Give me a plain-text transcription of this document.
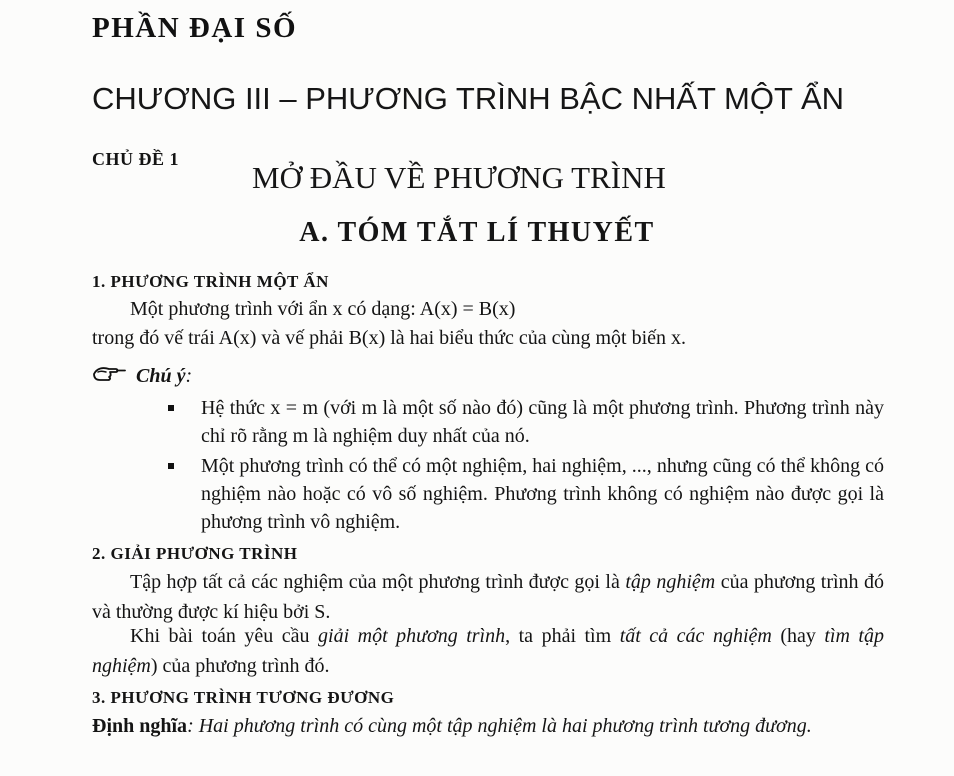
PHẦN ĐẠI SỐ
CHƯƠNG III – PHƯƠNG TRÌNH BẬC NHẤT MỘT ẨN
CHỦ ĐỀ 1
MỞ ĐẦU VỀ PHƯƠNG TRÌNH
A. TÓM TẮT LÍ THUYẾT
1. PHƯƠNG TRÌNH MỘT ẨN
Một phương trình với ẩn x có dạng: A(x) = B(x)
trong đó vế trái A(x) và vế phải B(x) là hai biểu thức của cùng một biến x.
Chú ý:
Hệ thức x = m (với m là một số nào đó) cũng là một phương trình. Phương trình này chỉ rõ rằng m là nghiệm duy nhất của nó.
Một phương trình có thể có một nghiệm, hai nghiệm, ..., nhưng cũng có thể không có nghiệm nào hoặc có vô số nghiệm. Phương trình không có nghiệm nào được gọi là phương trình vô nghiệm.
2. GIẢI PHƯƠNG TRÌNH
Tập hợp tất cả các nghiệm của một phương trình được gọi là tập nghiệm của phương trình đó và thường được kí hiệu bởi S.
Khi bài toán yêu cầu giải một phương trình, ta phải tìm tất cả các nghiệm (hay tìm tập nghiệm) của phương trình đó.
3. PHƯƠNG TRÌNH TƯƠNG ĐƯƠNG
Định nghĩa: Hai phương trình có cùng một tập nghiệm là hai phương trình tương đương.
